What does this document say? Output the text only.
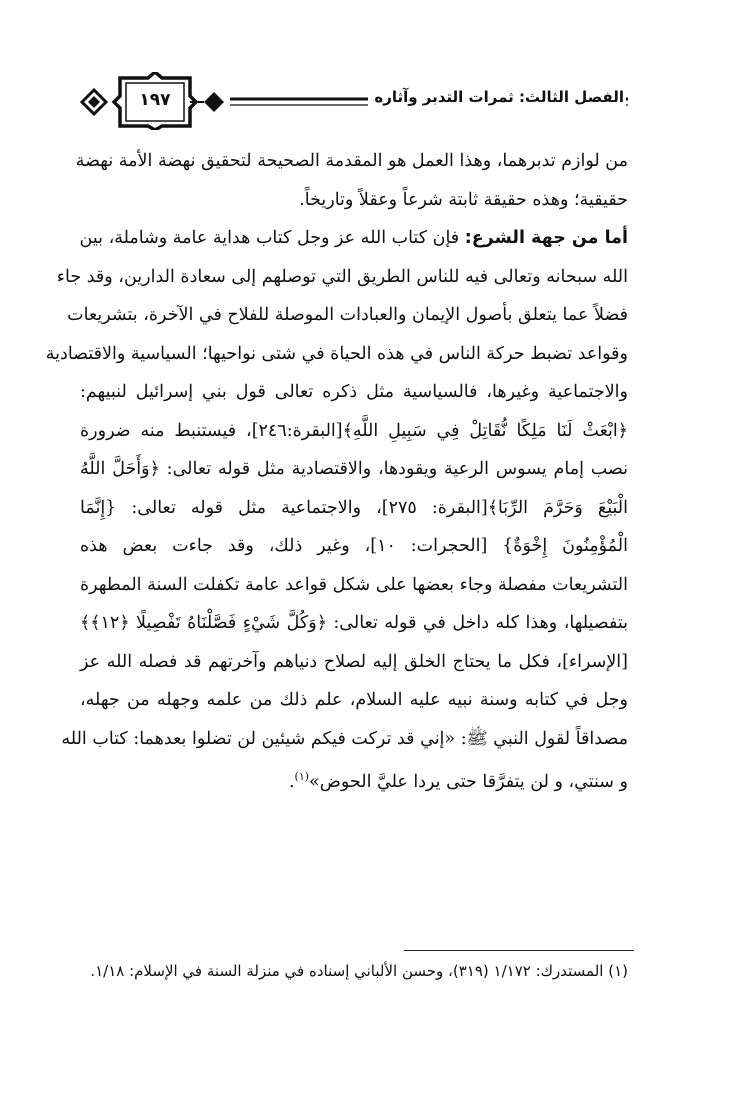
١٩٧	الفصل الثالث: ثمرات التدبر وآثاره
من لوازم تدبرهما، وهذا العمل هو المقدمة الصحيحة لتحقيق نهضة الأمة نهضة
حقيقية؛ وهذه حقيقة ثابتة شرعاً وعقلاً وتاريخاً.
أما من جهة الشرع: فإن كتاب الله عز وجل كتاب هداية عامة وشاملة، بين
الله سبحانه وتعالى فيه للناس الطريق التي توصلهم إلى سعادة الدارين، وقد جاء
فضلاً عما يتعلق بأصول الإيمان والعبادات الموصلة للفلاح في الآخرة، بتشريعات
وقواعد تضبط حركة الناس في هذه الحياة في شتى نواحيها؛ السياسية والاقتصادية
والاجتماعية وغيرها، فالسياسية مثل ذكره تعالى قول بني إسرائيل لنبيهم:
﴿ابْعَثْ لَنَا مَلِكًا نُّقَاتِلْ فِي سَبِيلِ اللَّهِ﴾[البقرة:٢٤٦]، فيستنبط منه ضرورة
نصب إمام يسوس الرعية ويقودها، والاقتصادية مثل قوله تعالى: ﴿وَأَحَلَّ اللَّهُ
الْبَيْعَ وَحَرَّمَ الرِّبَا﴾[البقرة: ٢٧٥]، والاجتماعية مثل قوله تعالى: {إِنَّمَا
الْمُؤْمِنُونَ إِخْوَةٌ} [الحجرات: ١٠]، وغير ذلك، وقد جاءت بعض هذه
التشريعات مفصلة وجاء بعضها على شكل قواعد عامة تكفلت السنة المطهرة
بتفصيلها، وهذا كله داخل في قوله تعالى: ﴿وَكُلَّ شَيْءٍ فَصَّلْنَاهُ تَفْصِيلًا ﴿١٢﴾﴾
[الإسراء]، فكل ما يحتاج الخلق إليه لصلاح دنياهم وآخرتهم قد فصله الله عز
وجل في كتابه وسنة نبيه عليه السلام، علم ذلك من علمه وجهله من جهله،
مصداقاً لقول النبي ﷺ: «إني قد تركت فيكم شيئين لن تضلوا بعدهما: كتاب الله
و سنتي، و لن يتفرَّقا حتى يردا عليَّ الحوض»$^{(١)}$.
(١) المستدرك: ١/١٧٢ (٣١٩)، وحسن الألباني إسناده في منزلة السنة في الإسلام: ١/١٨.
